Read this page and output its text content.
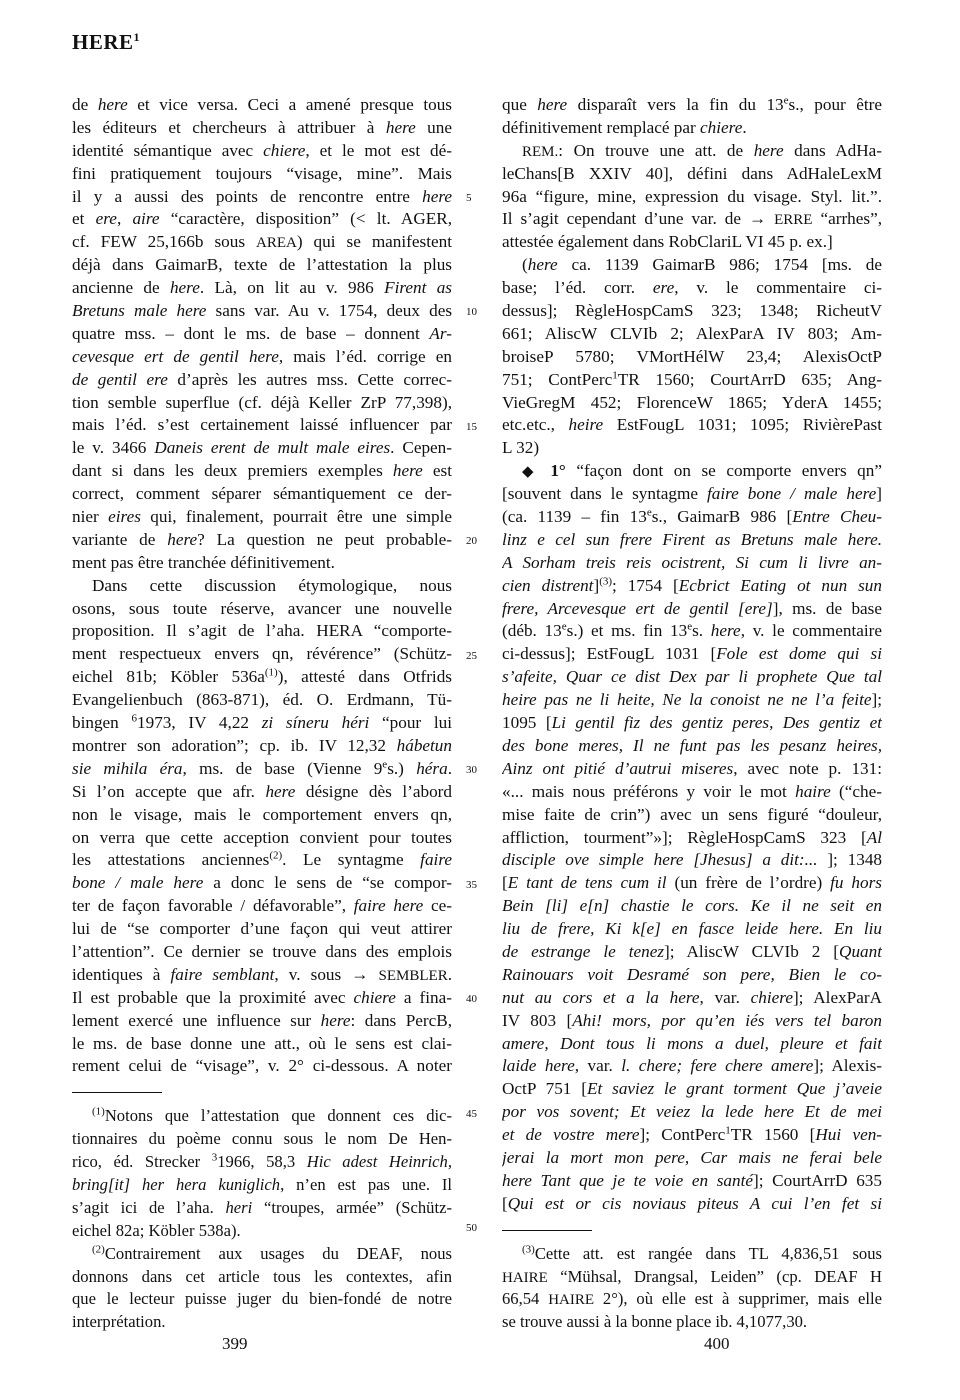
HERE$^1$
de here et vice versa. Ceci a amené presque tous
les éditeurs et chercheurs à attribuer à here une
identité sémantique avec chiere, et le mot est dé-
fini pratiquement toujours “visage, mine”. Mais
il y a aussi des points de rencontre entre here
et ere, aire “caractère, disposition” (< lt. AGER,
cf. FEW 25,166b sous AREA) qui se manifestent
déjà dans GaimarB, texte de l’attestation la plus
ancienne de here. Là, on lit au v. 986 Firent as
Bretuns male here sans var. Au v. 1754, deux des
quatre mss. – dont le ms. de base – donnent Ar-
cevesque ert de gentil here, mais l’éd. corrige en
de gentil ere d’après les autres mss. Cette correc-
tion semble superflue (cf. déjà Keller ZrP 77,398),
mais l’éd. s’est certainement laissé influencer par
le v. 3466 Daneis erent de mult male eires. Cepen-
dant si dans les deux premiers exemples here est
correct, comment séparer sémantiquement ce der-
nier eires qui, finalement, pourrait être une simple
variante de here? La question ne peut probable-
ment pas être tranchée définitivement.
Dans cette discussion étymologique, nous
osons, sous toute réserve, avancer une nouvelle
proposition. Il s’agit de l’aha. HERA “comporte-
ment respectueux envers qn, révérence” (Schütz-
eichel 81b; Köbler $536a^{(1)}$), attesté dans Otfrids
Evangelienbuch (863-871), éd. O. Erdmann, Tü-
bingen $^6$1973, IV 4,22 zi síneru héri “pour lui
montrer son adoration”; cp. ib. IV 12,32 hábetun
sie mihila éra, ms. de base (Vienne 9es.) héra.
Si l’on accepte que afr. here désigne dès l’abord
non le visage, mais le comportement envers qn,
on verra que cette acception convient pour toutes
les attestations anciennes$^{(2)}$. Le syntagme faire
bone / male here a donc le sens de “se compor-
ter de façon favorable / défavorable”, faire here ce-
lui de “se comporter d’une façon qui veut attirer
l’attention”. Ce dernier se trouve dans des emplois
identiques à faire semblant, v. sous → SEMBLER.
Il est probable que la proximité avec chiere a fina-
lement exercé une influence sur here: dans PercB,
le ms. de base donne une att., où le sens est clai-
rement celui de “visage”, v. 2° ci-dessous. A noter
$^{(1)}$Notons que l’attestation que donnent ces dic-
tionnaires du poème connu sous le nom De Hen-
rico, éd. Strecker $^3$1966, 58,3 Hic adest Heinrich,
bring[it] her hera kuniglich, n’en est pas une. Il
s’agit ici de l’aha. heri “troupes, armée” (Schütz-
eichel 82a; Köbler 538a).
$^{(2)}$Contrairement aux usages du DEAF, nous
donnons dans cet article tous les contextes, afin
que le lecteur puisse juger du bien-fondé de notre
interprétation.
que here disparaît vers la fin du 13es., pour être
définitivement remplacé par chiere.
REM.: On trouve une att. de here dans AdHa-
leChans[B XXIV 40], défini dans AdHaleLexM
96a “figure, mine, expression du visage. Styl. lit.”.
Il s’agit cependant d’une var. de → ERRE “arrhes”,
attestée également dans RobClariL VI 45 p. ex.]
(here ca. 1139 GaimarB 986; 1754 [ms. de
base; l’éd. corr. ere, v. le commentaire ci-
dessus]; RègleHospCamS 323; 1348; RicheutV
661; AliscW CLVIb 2; AlexParA IV 803; Am-
broiseP 5780; VMortHélW 23,4; AlexisOctP
751; ContPerc$^1$TR 1560; CourtArrD 635; Ang-
VieGregM 452; FlorenceW 1865; YderA 1455;
etc.etc., heire EstFougL 1031; 1095; RivièrePast
L 32)
◆ 1° “façon dont on se comporte envers qn”
[souvent dans le syntagme faire bone / male here]
(ca. 1139 – fin 13es., GaimarB 986 [Entre Cheu-
linz e cel sun frere Firent as Bretuns male here.
A Sorham treis reis ocistrent, Si cum li livre an-
cien distrent]$^{(3)}$; 1754 [Ecbrict Eating ot nun sun
frere, Arcevesque ert de gentil [ere]], ms. de base
(déb. 13es.) et ms. fin 13es. here, v. le commentaire
ci-dessus]; EstFougL 1031 [Fole est dome qui si
s’afeite, Quar ce dist Dex par li prophete Que tal
heire pas ne li heite, Ne la conoist ne ne l’a feite];
1095 [Li gentil fiz des gentiz peres, Des gentiz et
des bone meres, Il ne funt pas les pesanz heires,
Ainz ont pitié d’autrui miseres, avec note p. 131:
«... mais nous préférons y voir le mot haire (“che-
mise faite de crin”) avec un sens figuré “douleur,
affliction, tourment”»]; RègleHospCamS 323 [Al
disciple ove simple here [Jhesus] a dit:... ]; 1348
[E tant de tens cum il (un frère de l’ordre) fu hors
Bein [li] e[n] chastie le cors. Ke il ne seit en
liu de frere, Ki k[e] en fasce leide here. En liu
de estrange le tenez]; AliscW CLVIb 2 [Quant
Rainouars voit Desramé son pere, Bien le co-
nut au cors et a la here, var. chiere]; AlexParA
IV 803 [Ahi! mors, por qu’en iés vers tel baron
amere, Dont tous li mons a duel, pleure et fait
laide here, var. l. chere; fere chere amere]; Alexis-
OctP 751 [Et saviez le grant torment Que j’aveie
por vos sovent; Et veiez la lede here Et de mei
et de vostre mere]; ContPerc$^1$TR 1560 [Hui ven-
jerai la mort mon pere, Car mais ne ferai bele
here Tant que je te voie en santé]; CourtArrD 635
[Qui est or cis noviaus piteus A cui l’en fet si
$^{(3)}$Cette att. est rangée dans TL 4,836,51 sous
HAIRE “Mühsal, Drangsal, Leiden” (cp. DEAF H
66,54 HAIRE 2°), où elle est à supprimer, mais elle
se trouve aussi à la bonne place ib. 4,1077,30.
5
10
15
20
25
30
35
40
45
50
399	400
